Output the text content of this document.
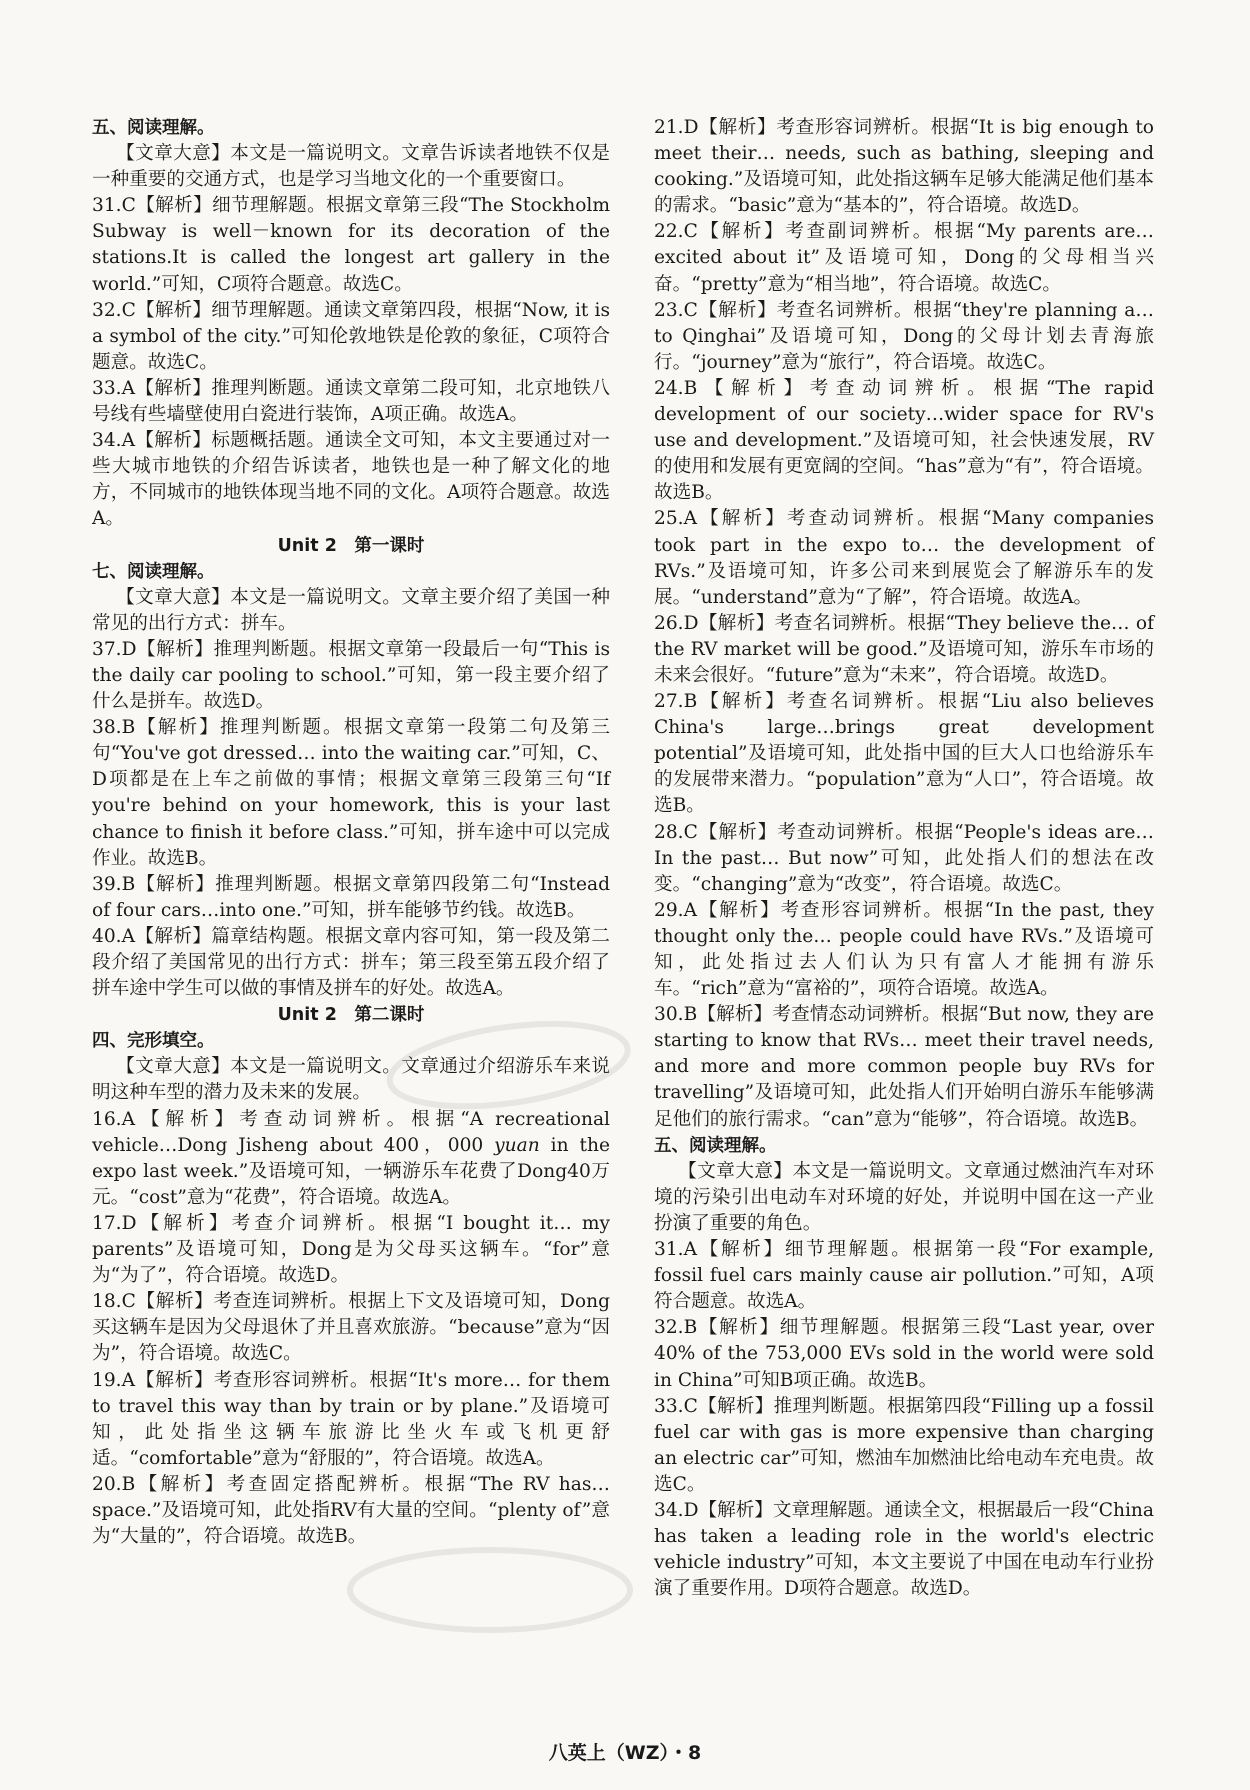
五、阅读理解。

【文章大意】本文是一篇说明文。文章告诉读者地铁不仅是一种重要的交通方式，也是学习当地文化的一个重要窗口。

31.C【解析】细节理解题。根据文章第三段“The Stockholm Subway is well－known for its decoration of the stations.It is called the longest art gallery in the world.”可知，C项符合题意。故选C。

32.C【解析】细节理解题。通读文章第四段，根据“Now, it is a symbol of the city.”可知伦敦地铁是伦敦的象征，C项符合题意。故选C。

33.A【解析】推理判断题。通读文章第二段可知，北京地铁八号线有些墙壁使用白瓷进行装饰，A项正确。故选A。

34.A【解析】标题概括题。通读全文可知，本文主要通过对一些大城市地铁的介绍告诉读者，地铁也是一种了解文化的地方，不同城市的地铁体现当地不同的文化。A项符合题意。故选A。

Unit 2　第一课时

七、阅读理解。

【文章大意】本文是一篇说明文。文章主要介绍了美国一种常见的出行方式：拼车。

37.D【解析】推理判断题。根据文章第一段最后一句“This is the daily car pooling to school.”可知，第一段主要介绍了什么是拼车。故选D。

38.B【解析】推理判断题。根据文章第一段第二句及第三句“You've got dressed… into the waiting car.”可知，C、D项都是在上车之前做的事情；根据文章第三段第三句“If you're behind on your homework, this is your last chance to finish it before class.”可知，拼车途中可以完成作业。故选B。

39.B【解析】推理判断题。根据文章第四段第二句“Instead of four cars…into one.”可知，拼车能够节约钱。故选B。

40.A【解析】篇章结构题。根据文章内容可知，第一段及第二段介绍了美国常见的出行方式：拼车；第三段至第五段介绍了拼车途中学生可以做的事情及拼车的好处。故选A。

Unit 2　第二课时

四、完形填空。

【文章大意】本文是一篇说明文。文章通过介绍游乐车来说明这种车型的潜力及未来的发展。

16.A【解析】考查动词辨析。根据“A recreational vehicle…Dong Jisheng about 400，000 yuan in the expo last week.”及语境可知，一辆游乐车花费了Dong40万元。“cost”意为“花费”，符合语境。故选A。

17.D【解析】考查介词辨析。根据“I bought it… my parents”及语境可知，Dong是为父母买这辆车。“for”意为“为了”，符合语境。故选D。

18.C【解析】考查连词辨析。根据上下文及语境可知，Dong买这辆车是因为父母退休了并且喜欢旅游。“because”意为“因为”，符合语境。故选C。

19.A【解析】考查形容词辨析。根据“It's more… for them to travel this way than by train or by plane.”及语境可知，此处指坐这辆车旅游比坐火车或飞机更舒适。“comfortable”意为“舒服的”，符合语境。故选A。

20.B【解析】考查固定搭配辨析。根据“The RV has… space.”及语境可知，此处指RV有大量的空间。“plenty of”意为“大量的”，符合语境。故选B。

21.D【解析】考查形容词辨析。根据“It is big enough to meet their… needs, such as bathing, sleeping and cooking.”及语境可知，此处指这辆车足够大能满足他们基本的需求。“basic”意为“基本的”，符合语境。故选D。

22.C【解析】考查副词辨析。根据“My parents are… excited about it”及语境可知，Dong的父母相当兴奋。“pretty”意为“相当地”，符合语境。故选C。

23.C【解析】考查名词辨析。根据“they're planning a… to Qinghai”及语境可知，Dong的父母计划去青海旅行。“journey”意为“旅行”，符合语境。故选C。

24.B【解析】考查动词辨析。根据“The rapid development of our society…wider space for RV's use and development.”及语境可知，社会快速发展，RV的使用和发展有更宽阔的空间。“has”意为“有”，符合语境。故选B。

25.A【解析】考查动词辨析。根据“Many companies took part in the expo to… the development of RVs.”及语境可知，许多公司来到展览会了解游乐车的发展。“understand”意为“了解”，符合语境。故选A。

26.D【解析】考查名词辨析。根据“They believe the… of the RV market will be good.”及语境可知，游乐车市场的未来会很好。“future”意为“未来”，符合语境。故选D。

27.B【解析】考查名词辨析。根据“Liu also believes China's large…brings great development potential”及语境可知，此处指中国的巨大人口也给游乐车的发展带来潜力。“population”意为“人口”，符合语境。故选B。

28.C【解析】考查动词辨析。根据“People's ideas are… In the past… But now”可知，此处指人们的想法在改变。“changing”意为“改变”，符合语境。故选C。

29.A【解析】考查形容词辨析。根据“In the past, they thought only the… people could have RVs.”及语境可知，此处指过去人们认为只有富人才能拥有游乐车。“rich”意为“富裕的”，项符合语境。故选A。

30.B【解析】考查情态动词辨析。根据“But now, they are starting to know that RVs… meet their travel needs, and more and more common people buy RVs for travelling”及语境可知，此处指人们开始明白游乐车能够满足他们的旅行需求。“can”意为“能够”，符合语境。故选B。

五、阅读理解。

【文章大意】本文是一篇说明文。文章通过燃油汽车对环境的污染引出电动车对环境的好处，并说明中国在这一产业扮演了重要的角色。

31.A【解析】细节理解题。根据第一段“For example, fossil fuel cars mainly cause air pollution.”可知，A项符合题意。故选A。

32.B【解析】细节理解题。根据第三段“Last year, over 40% of the 753,000 EVs sold in the world were sold in China”可知B项正确。故选B。

33.C【解析】推理判断题。根据第四段“Filling up a fossil fuel car with gas is more expensive than charging an electric car”可知，燃油车加燃油比给电动车充电贵。故选C。

34.D【解析】文章理解题。通读全文，根据最后一段“China has taken a leading role in the world's electric vehicle industry”可知，本文主要说了中国在电动车行业扮演了重要作用。D项符合题意。故选D。

八英上（WZ）・8
